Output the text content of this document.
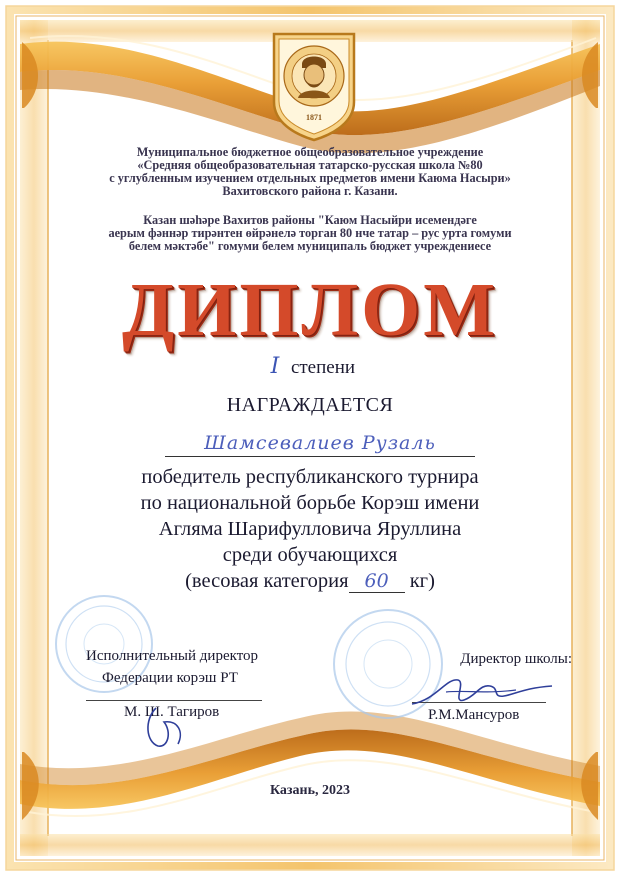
1871
Муниципальное бюджетное общеобразовательное учреждение
«Средняя общеобразовательная татарско-русская школа №80
с углубленным изучением отдельных предметов имени Каюма Насыри»
Вахитовского района г. Казани.
Казан шәһәре Вахитов районы "Каюм Насыйри исемендәге
аерым фәннәр тирәнтен өйрәнелә торган 80 нче татар – рус урта гомуми
белем мәктәбе" гомуми белем муниципаль бюджет учреждениесе
ДИПЛОМ
I степени
НАГРАЖДАЕТСЯ
Шамсевалиев Рузаль
победитель республиканского турнира
по национальной борьбе Корэш имени
Агляма Шарифулловича Яруллина
среди обучающихся
(весовая категория 60 кг)
Исполнительный директор
Федерации корэш РТ
М. Ш. Тагиров
Директор школы:
Р.М.Мансуров
Казань, 2023
